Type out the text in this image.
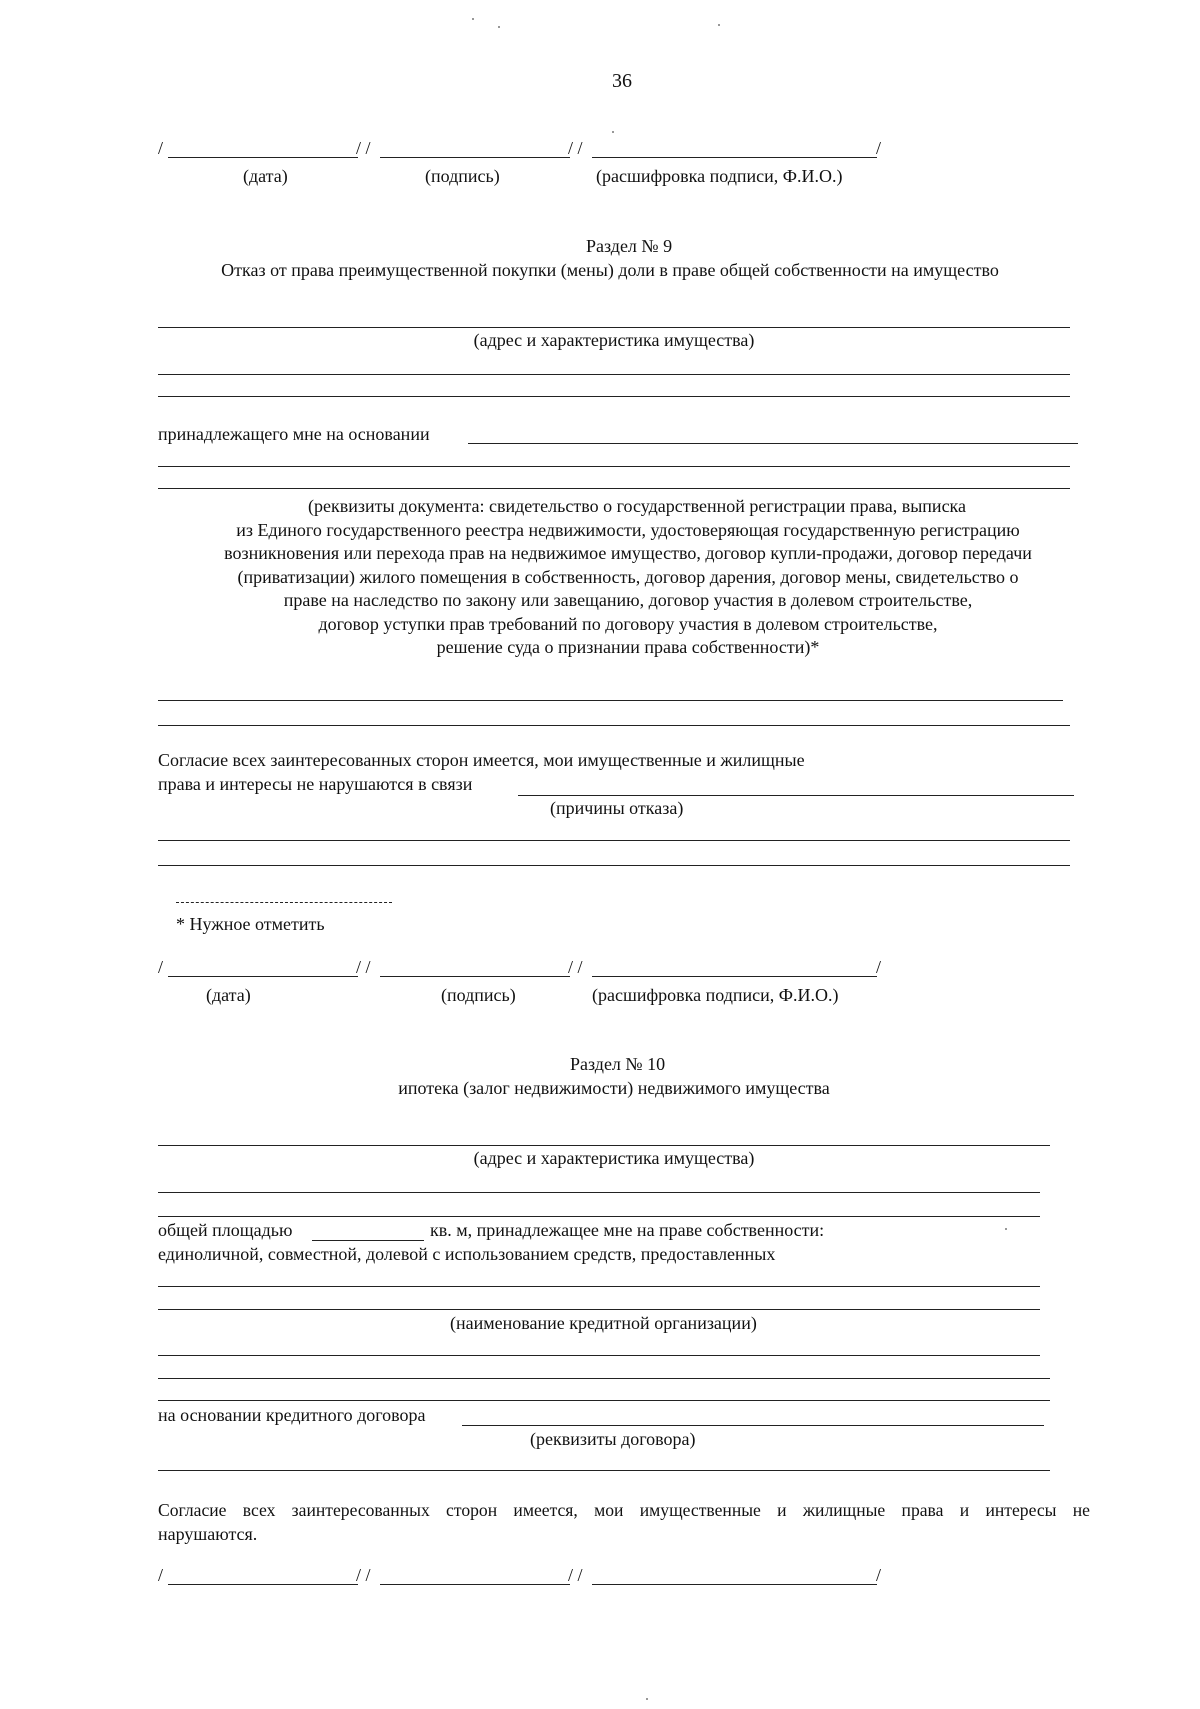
36
/	/ /	/ /	/
(дата)	(подпись)	(расшифровка подписи, Ф.И.О.)
Раздел № 9
Отказ от права преимущественной покупки (мены) доли в праве общей собственности на имущество
(адрес и характеристика имущества)
принадлежащего мне на основании
(реквизиты документа: свидетельство о государственной регистрации права, выписка
из Единого государственного реестра недвижимости, удостоверяющая государственную регистрацию
возникновения или перехода прав на недвижимое имущество, договор купли-продажи, договор передачи
(приватизации) жилого помещения в собственность, договор дарения, договор мены, свидетельство о
праве на наследство по закону или завещанию, договор участия в долевом строительстве,
договор уступки прав требований по договору участия в долевом строительстве,
решение суда о признании права собственности)*
Согласие всех заинтересованных сторон имеется, мои имущественные и жилищные
права и интересы не нарушаются в связи
(причины отказа)
* Нужное отметить
/	/ /	/ /	/
(дата)	(подпись)	(расшифровка подписи, Ф.И.О.)
Раздел № 10
ипотека (залог недвижимости) недвижимого имущества
(адрес и характеристика имущества)
общей площадью	кв. м, принадлежащее мне на праве собственности:
единоличной, совместной, долевой с использованием средств, предоставленных
(наименование кредитной организации)
на основании кредитного договора
(реквизиты договора)
Согласие всех заинтересованных сторон имеется, мои имущественные и жилищные права и интересы не
нарушаются.
/	/ /	/ /	/
